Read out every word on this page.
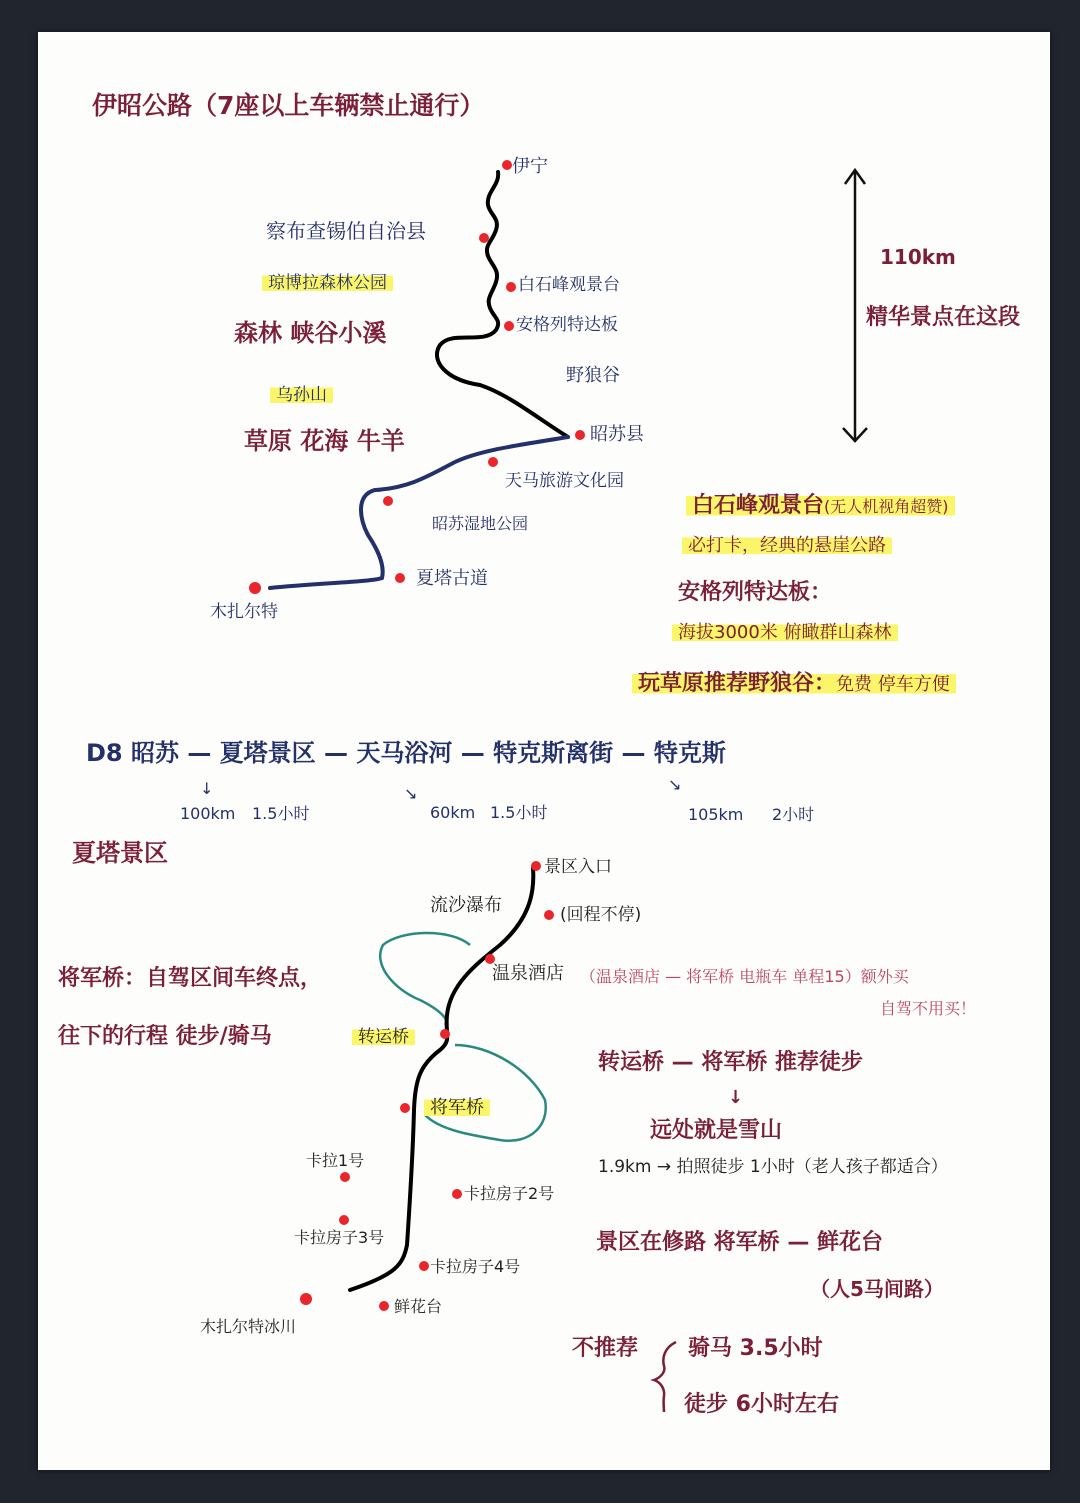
伊昭公路（7座以上车辆禁止通行）
伊宁
察布查锡伯自治县
白石峰观景台
安格列特达板
野狼谷
昭苏县
天马旅游文化园
昭苏湿地公园
夏塔古道
木扎尔特
琼博拉森林公园
森林 峡谷小溪
乌孙山
草原 花海 牛羊
110km
精华景点在这段
白石峰观景台(无人机视角超赞)
必打卡，经典的悬崖公路
安格列特达板：
海拔3000米 俯瞰群山森林
玩草原推荐野狼谷：免费 停车方便
D8 昭苏 — 夏塔景区 — 天马浴河 — 特克斯离街 — 特克斯
↓
100km 1.5小时
↘
60km 1.5小时
↘
105km 2小时
夏塔景区	景区入口
(回程不停)
流沙瀑布
温泉酒店 （温泉酒店 — 将军桥 电瓶车 单程15）额外买
自驾不用买！
转运桥
将军桥
卡拉1号
卡拉房子2号
卡拉房子3号
卡拉房子4号
鲜花台
木扎尔特冰川
将军桥：自驾区间车终点，
往下的行程 徒步/骑马
转运桥 — 将军桥 推荐徒步
↓
远处就是雪山
1.9km → 拍照徒步 1小时（老人孩子都适合）
景区在修路 将军桥 — 鲜花台
（人5马间路）
不推荐 骑马 3.5小时
徒步 6小时左右
